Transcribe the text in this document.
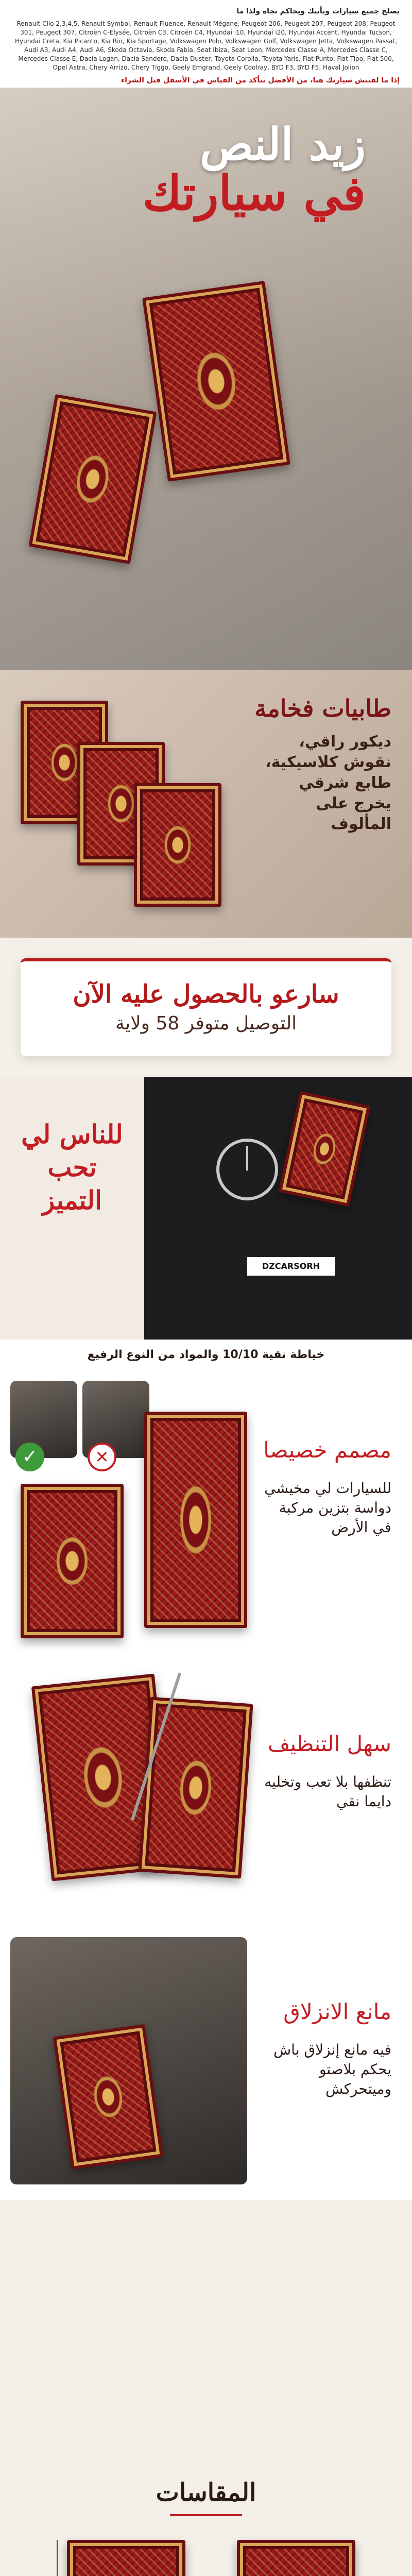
يصلح جميع سيارات ويأتيك ويحاكم تجاه ولذا ما
Renault Clio 2,3,4,5, Renault Symbol, Renault Fluence, Renault Mégane, Peugeot 206, Peugeot 207, Peugeot 208, Peugeot 301, Peugeot 307, Citroën C-Elysée, Citroën C3, Citroën C4, Hyundai i10, Hyundai i20, Hyundai Accent, Hyundai Tucson, Hyundai Creta, Kia Picanto, Kia Rio, Kia Sportage, Volkswagen Polo, Volkswagen Golf, Volkswagen Jetta, Volkswagen Passat, Audi A3, Audi A4, Audi A6, Skoda Octavia, Skoda Fabia, Seat Ibiza, Seat Leon, Mercedes Classe A, Mercedes Classe C, Mercedes Classe E, Dacia Logan, Dacia Sandero, Dacia Duster, Toyota Corolla, Toyota Yaris, Fiat Punto, Fiat Tipo, Fiat 500, Opel Astra, Chery Arrizo, Chery Tiggo, Geely Emgrand, Geely Coolray, BYD F3, BYD F5, Haval Jolion
إذا ما لقيتش سيارتك هنا، من الأفضل تتأكد من القياس في الأسفل قبل الشراء
زيد النص
في سيارتك
طابيات فخامة

ديكور راقي، نقوش كلاسيكية، طابع شرقي يخرج على المألوف

سارعو بالحصول عليه الآن
التوصيل متوفر 58 ولاية
للناس لي تحب التميز
DZCARSORH
خياطة نقية 10/10 والمواد من النوع الرفيع
✓	✕	مصمم خصيصا
للسيارات لي مخيشي دواسة بتزين مركبة في الأرض
سهل التنظيف
تنظفها بلا تعب وتخليه دايما نقي
مانع الانزلاق
فيه مانع إنزلاق باش يحكم بلاصتو وميتحركش
المقاسات
